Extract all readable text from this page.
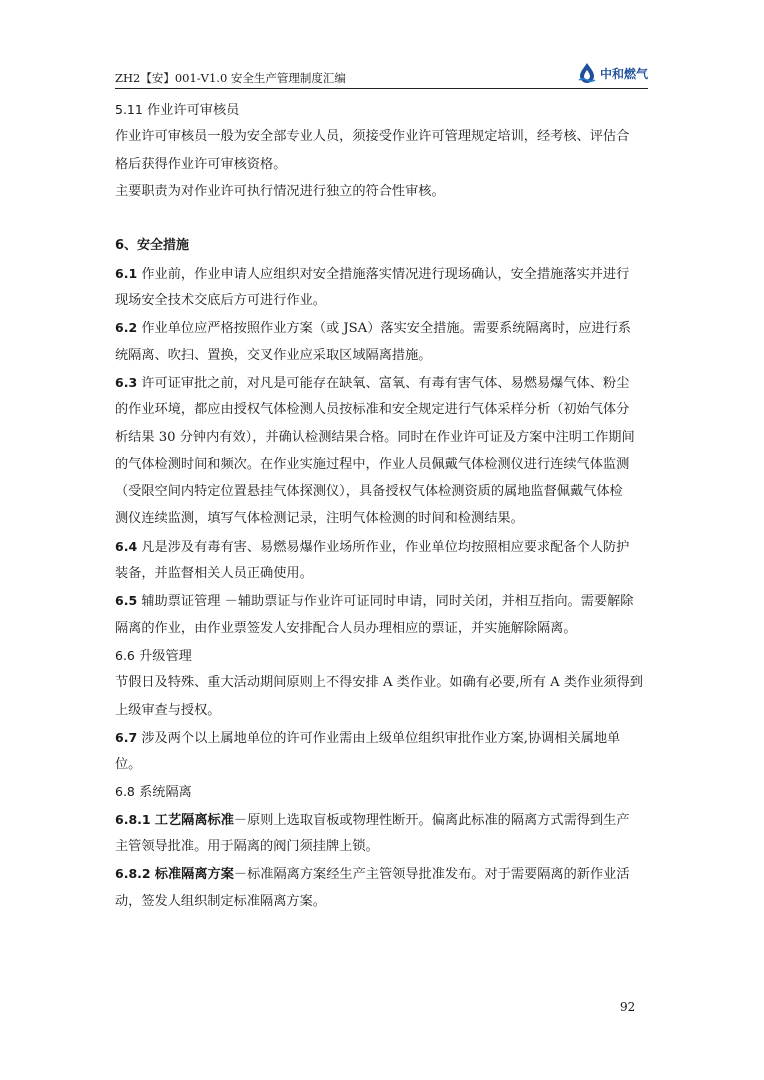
ZH2【安】001-V1.0 安全生产管理制度汇编	中和燃气
5.11 作业许可审核员
作业许可审核员一般为安全部专业人员，须接受作业许可管理规定培训，经考核、评估合
格后获得作业许可审核资格。
主要职责为对作业许可执行情况进行独立的符合性审核。
6、安全措施
6.1 作业前，作业申请人应组织对安全措施落实情况进行现场确认，安全措施落实并进行
现场安全技术交底后方可进行作业。
6.2 作业单位应严格按照作业方案（或 JSA）落实安全措施。需要系统隔离时，应进行系
统隔离、吹扫、置换，交叉作业应采取区域隔离措施。
6.3 许可证审批之前，对凡是可能存在缺氧、富氧、有毒有害气体、易燃易爆气体、粉尘
的作业环境，都应由授权气体检测人员按标准和安全规定进行气体采样分析（初始气体分
析结果 30 分钟内有效），并确认检测结果合格。同时在作业许可证及方案中注明工作期间
的气体检测时间和频次。在作业实施过程中，作业人员佩戴气体检测仪进行连续气体监测
（受限空间内特定位置悬挂气体探测仪），具备授权气体检测资质的属地监督佩戴气体检
测仪连续监测，填写气体检测记录，注明气体检测的时间和检测结果。
6.4 凡是涉及有毒有害、易燃易爆作业场所作业，作业单位均按照相应要求配备个人防护
装备，并监督相关人员正确使用。
6.5 辅助票证管理 －辅助票证与作业许可证同时申请，同时关闭，并相互指向。需要解除
隔离的作业，由作业票签发人安排配合人员办理相应的票证，并实施解除隔离。
6.6 升级管理
节假日及特殊、重大活动期间原则上不得安排 A 类作业。如确有必要,所有 A 类作业须得到
上级审查与授权。
6.7 涉及两个以上属地单位的许可作业需由上级单位组织审批作业方案,协调相关属地单
位。
6.8 系统隔离
6.8.1 工艺隔离标准－原则上选取盲板或物理性断开。偏离此标准的隔离方式需得到生产
主管领导批准。用于隔离的阀门须挂牌上锁。
6.8.2 标准隔离方案－标准隔离方案经生产主管领导批准发布。对于需要隔离的新作业活
动，签发人组织制定标准隔离方案。
92
